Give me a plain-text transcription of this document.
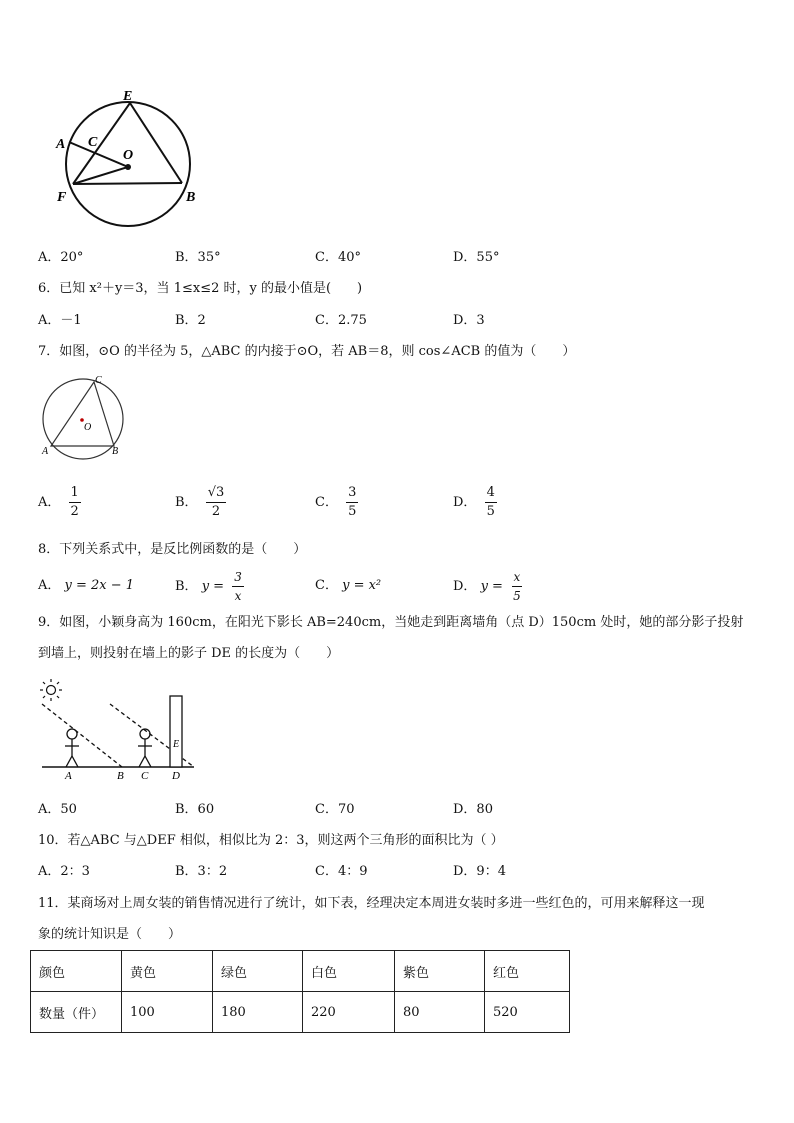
E
A C
O
F	B
A．20°	B．35°	C．40°	D．55°
6．已知 x²＋y＝3，当 1≤x≤2 时，y 的最小值是(　　)
A．－1	B．2	C．2.75	D．3
7．如图，⊙O 的半径为 5，△ABC 的内接于⊙O，若 AB＝8，则 cos∠ACB 的值为（　　）
C
O
A	B
A． $\frac{1}{2}$	B． $\frac{√3}{2}$	C． $\frac{3}{5}$	D． $\frac{4}{5}$
8．下列关系式中，是反比例函数的是（　　）
A． y = 2x − 1	B． $y = \frac{3}{x}$	C． y = x²	D． $y = \frac{x}{5}$
9．如图，小颖身高为 160cm，在阳光下影长 AB=240cm，当她走到距离墙角（点 D）150cm 处时，她的部分影子投射
到墙上，则投射在墙上的影子 DE 的长度为（　　）
A	B C D
E
A．50	B．60	C．70	D．80
10．若△ABC 与△DEF 相似，相似比为 2：3，则这两个三角形的面积比为（ ）
A．2：3	B．3：2	C．4：9	D．9：4
11．某商场对上周女装的销售情况进行了统计，如下表，经理决定本周进女装时多进一些红色的，可用来解释这一现
象的统计知识是（　　）
颜色	黄色	绿色	白色	紫色	红色
数量（件）	100	180	220	80	520
